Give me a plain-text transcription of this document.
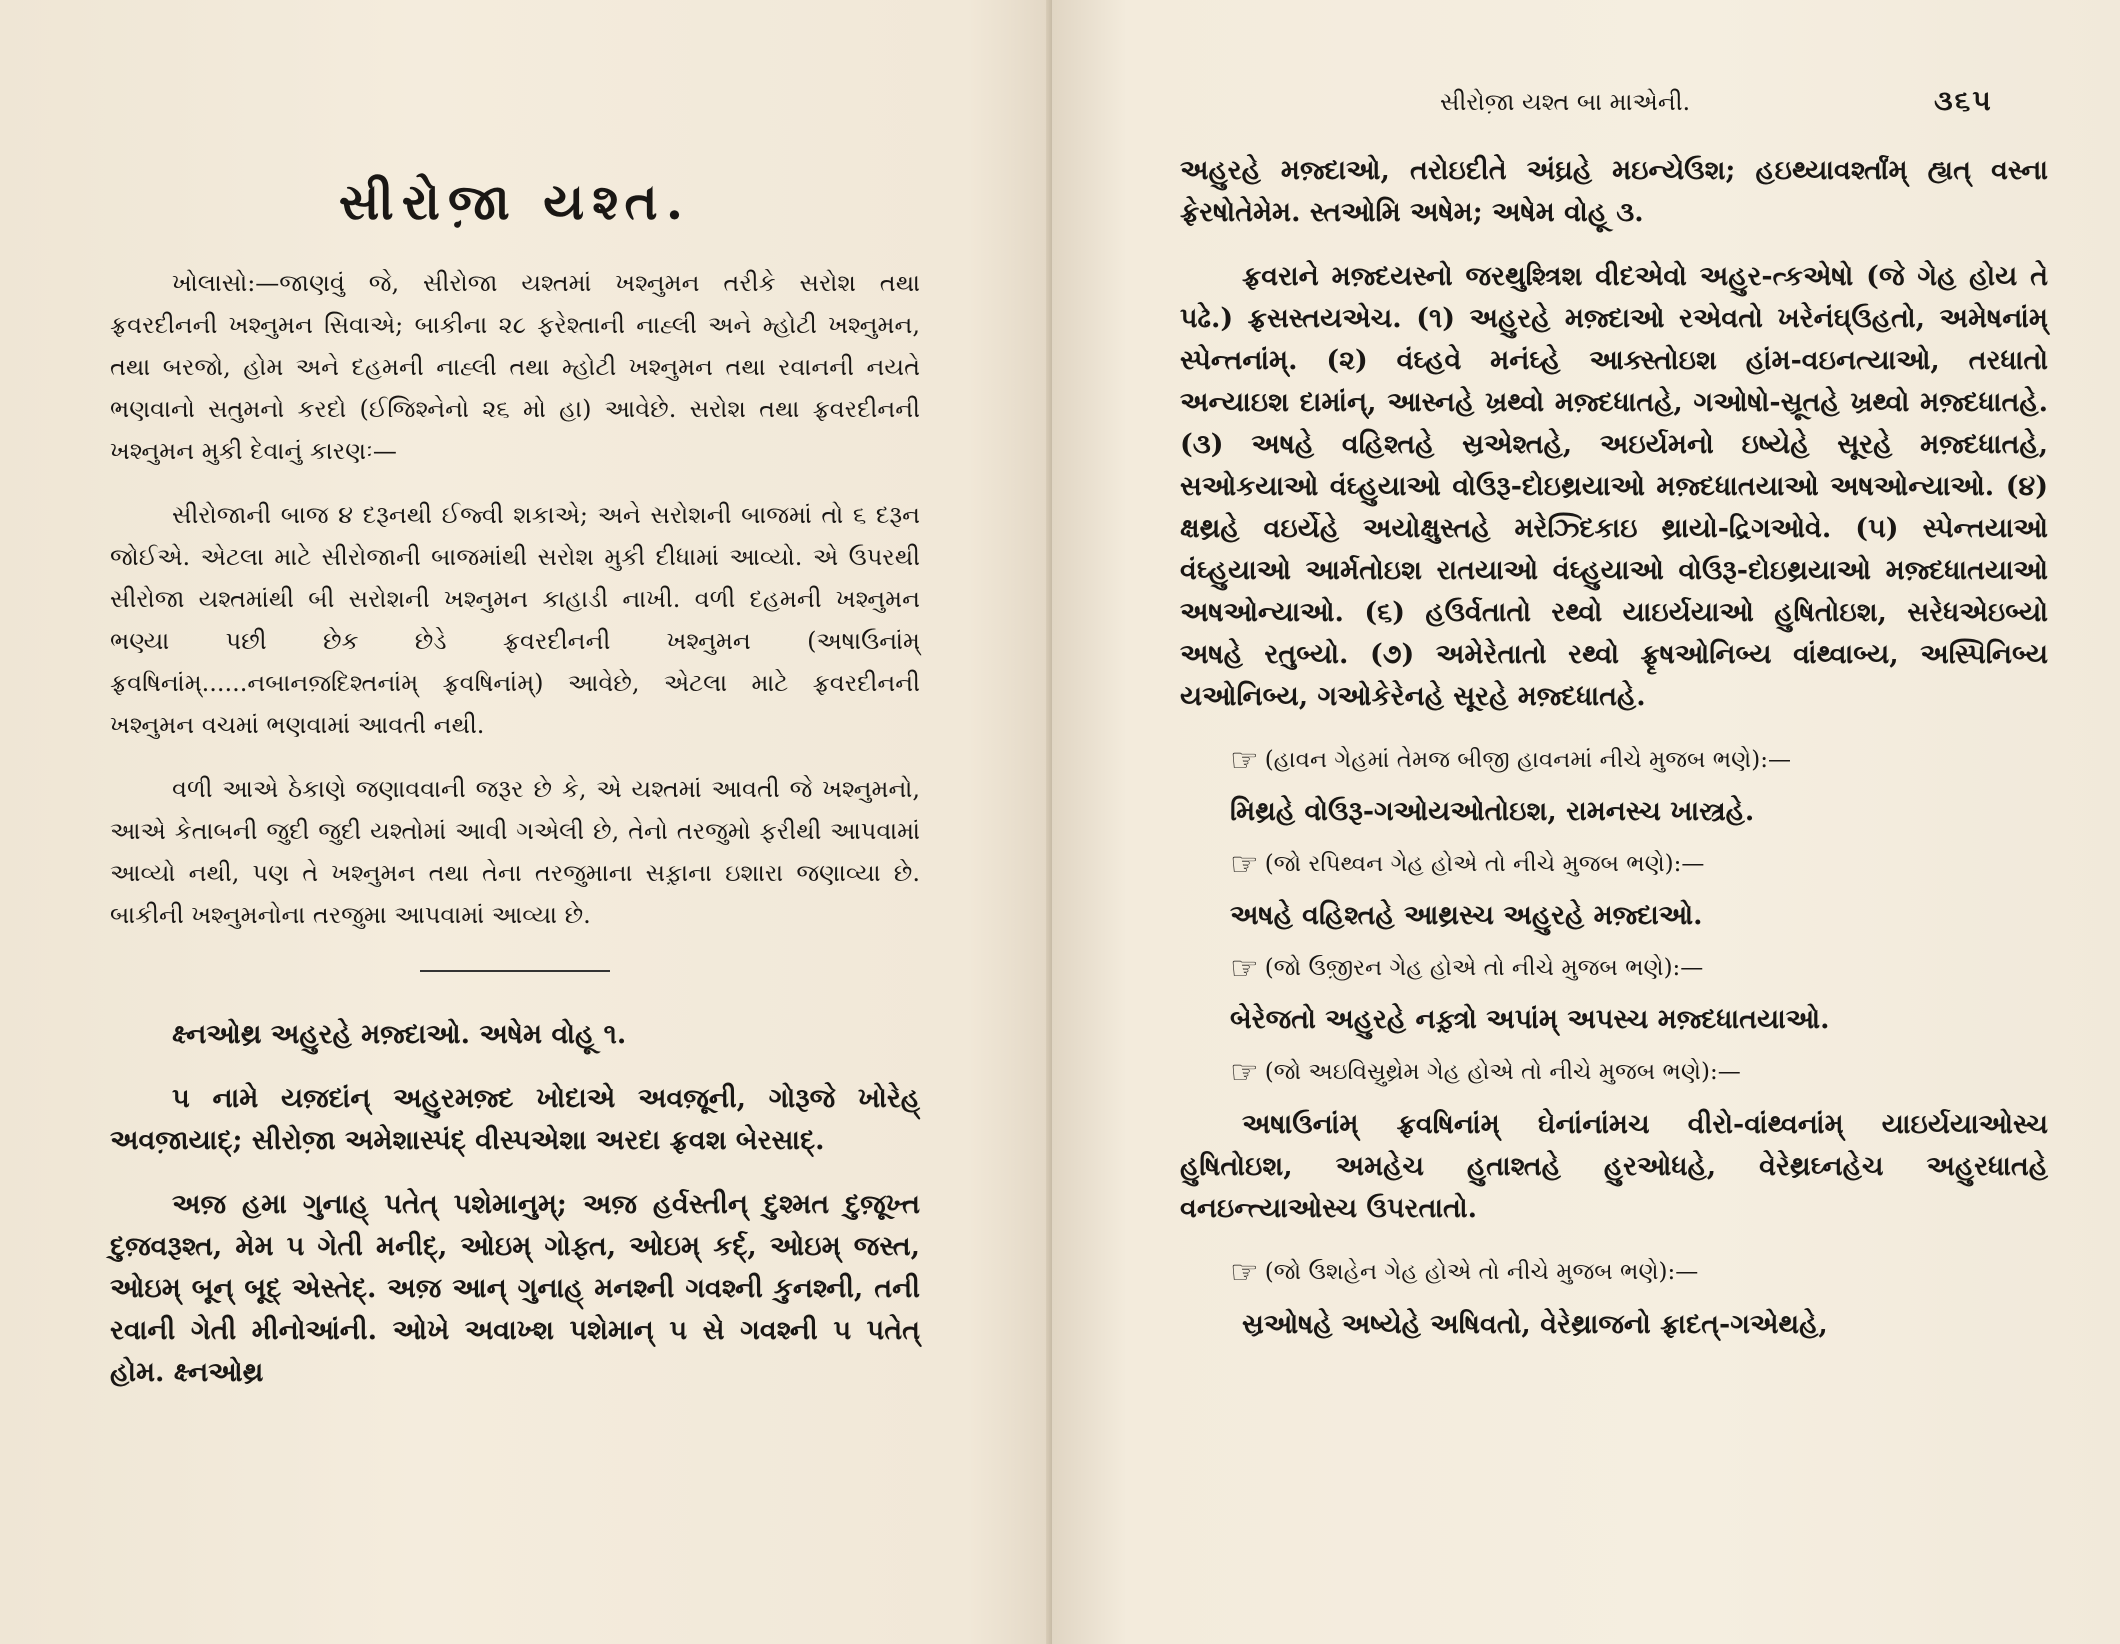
સીરોજ઼ા યશ્ત.

ખોલાસો:—જાણવું જે, સીરોજા યશ્તમાં ખશ્નુમન તરીકે સરોશ તથા ફ્રવરદીનની ખશ્નુમન સિવાએ; બાકીના ૨૮ ફરેશ્તાની નાહ્લી અને મ્હોટી ખશ્નુમન, તથા બરજો, હોમ અને દહમની નાહ્લી તથા મ્હોટી ખશ્નુમન તથા રવાનની નયતે ભણવાનો સતુમનો કરદો (ઈજિશ્નેનો ૨૬ મો હા) આવેછે. સરોશ તથા ફ્રવરદીનની ખશ્નુમન મુકી દેવાનું કારણઃ—

સીરોજાની બાજ ૪ દરૂનથી ઈજ્વી શકાએ; અને સરોશની બાજમાં તો ૬ દરૂન જોઈએ. એટલા માટે સીરોજાની બાજમાંથી સરોશ મુકી દીધામાં આવ્યો. એ ઉપરથી સીરોજા યશ્તમાંથી બી સરોશની ખશ્નુમન કાહાડી નાખી. વળી દહમની ખશ્નુમન ભણ્યા પછી છેક છેડે ફ્રવરદીનની ખશ્નુમન (અષાઉનાંમ્ ફ્રવષિનાંમ્......નબાનજ઼દિશ્તનાંમ્ ફ્રવષિનાંમ્) આવેછે, એટલા માટે ફ્રવરદીનની ખશ્નુમન વચમાં ભણવામાં આવતી નથી.

વળી આએ ઠેકાણે જણાવવાની જરૂર છે કે, એ યશ્તમાં આવતી જે ખશ્નુમનો, આએ કેતાબની જુદી જુદી યશ્તોમાં આવી ગએલી છે, તેનો તરજુમો ફરીથી આપવામાં આવ્યો નથી, પણ તે ખશ્નુમન તથા તેના તરજુમાના સફ઼ાના ઇશારા જણાવ્યા છે. બાકીની ખશ્નુમનોના તરજુમા આપવામાં આવ્યા છે.

ક્ષ્નઓથ્ર અહુરહે મજ઼્દાઓ. અષેમ વોહૂ ૧.

૫ નામે યજ઼દાંન્ અહુરમજ઼્દ ખોદાએ અવજ઼ૂની, ગોરૂજે ખોરેહ્ અવજ઼ાયાદ્; સીરોજ઼ા અમેશાસ્પંદ્ વીસ્પએશા અરદા ફ્રવશ બેરસાદ્.

અજ઼ હમા ગુનાહ્ પતેત્ પશેમાનુમ્; અજ઼ હર્વસ્તીન્ દુશ્મત દુજ઼ૂખ્ત દુજ઼વરૂશ્ત, મેમ ૫ ગેતી મનીદ્, ઓઇમ્ ગોફ્ત, ઓઇમ્ કર્દ્, ઓઇમ્ જસ્ત, ઓઇમ્ બૂન્ બૂદ્ એસ્તેદ્. અજ઼ આન્ ગુનાહ્ મનશ્ની ગવશ્ની કુનશ્ની, તની રવાની ગેતી મીનોઆંની. ઓખે અવાખ્શ પશેમાન્ ૫ સે ગવશ્ની ૫ પતેત્ હોમ. ક્ષ્નઓથ્ર

અહુરહે મજ઼્દાઓ, તરોઇદીતે અંઘ્રહે મઇન્યેઉશ; હઇથ્યાવર્શ્તાંમ્ હ્યત્ વસ્ના ફ્રેરષોતેમેમ. સ્તઓમિ અષેમ; અષેમ વોહૂ ૩.

ફ્રવરાને મજ઼્દયસ્નો જરથુશ્ત્રિશ વીદએવો અહુર-ત્કએષો (જે ગેહ હોય તે પઢે.) ફ્રસસ્તયએચ. (૧) અહુરહે મજ઼્દાઓ રએવતો ખરેનંઘ્ઉહતો, અમેષનાંમ્ સ્પેન્તનાંમ્. (૨) વંઘ્હવે મનંઘ્હે આક્સ્તોઇશ હાંમ-વઇનત્યાઓ, તરધાતો અન્યાઇશ દામાંન્, આસ્નહે ખ્રથ્વો મજ઼્દધાતહે, ગઓષો-સ્રૂતહે ખ્રથ્વો મજ઼્દધાતહે. (૩) અષહે વહિશ્તહે સ્રએશ્તહે, અઇર્યમનો ઇષ્યેહે સૂરહે મજ઼્દધાતહે, સઓકયાઓ વંઘ્હુયાઓ વોઉરૂ-દોઇથ્રયાઓ મજ઼્દધાતયાઓ અષઓન્યાઓ. (૪) ક્ષથ્રહે વઇર્યેહે અયોક્ષુસ્તહે મરેઝ્દિકાઇ થ્રાયો-દ્રિગઓવે. (૫) સ્પેન્તયાઓ વંઘ્હુયાઓ આર્મતોઇશ રાતયાઓ વંઘ્હુયાઓ વોઉરૂ-દોઇથ્રયાઓ મજ઼્દધાતયાઓ અષઓન્યાઓ. (૬) હઉર્વતાતો રથ્વો યાઇર્યયાઓ હુષિતોઇશ, સરેધએઇબ્યો અષહે રતુબ્યો. (૭) અમેરેતાતો રથ્વો ફ્રૃષઓનિબ્ય વાંથ્વાબ્ય, અસ્પિનિબ્ય યઓનિબ્ય, ગઓકેરેનહે સૂરહે મજ઼્દધાતહે.

☞ (હાવન ગેહમાં તેમજ બીજી હાવનમાં નીચે મુજબ ભણે):—
મિથ્રહે વોઉરૂ-ગઓયઓતોઇશ, રામનસ્ચ ખાસ્ત્રહે.
☞ (જો રપિથ્વન ગેહ હોએ તો નીચે મુજબ ભણે):—
અષહે વહિશ્તહે આથ્રસ્ચ અહુરહે મજ઼્દાઓ.
☞ (જો ઉજ઼ીરન ગેહ હોએ તો નીચે મુજબ ભણે):—
બેરેજતો અહુરહે નફ઼્ત્રો અપાંમ્ અપસ્ચ મજ઼્દધાતયાઓ.
☞ (જો અઇવિસ્રુથ્રેમ ગેહ હોએ તો નીચે મુજબ ભણે):—

અષાઉનાંમ્ ફ્રવષિનાંમ્ ઘેનાંનાંમચ વીરો-વાંથ્વનાંમ્ યાઇર્યયાઓસ્ચ હુષિતોઇશ, અમહેચ હુતાશ્તહે હુરઓધહે, વેરેથ્રઘ્નહેચ અહુરધાતહે વનઇન્ત્યાઓસ્ચ ઉપરતાતો.

☞ (જો ઉશહેન ગેહ હોએ તો નીચે મુજબ ભણે):—

સ્રઓષહે અષ્યેહે અષિવતો, વેરેથ્રાજનો ફ્રાદત્-ગએથહે,

સીરોજ઼ા યશ્ત બા માએની.	૩૬૫
